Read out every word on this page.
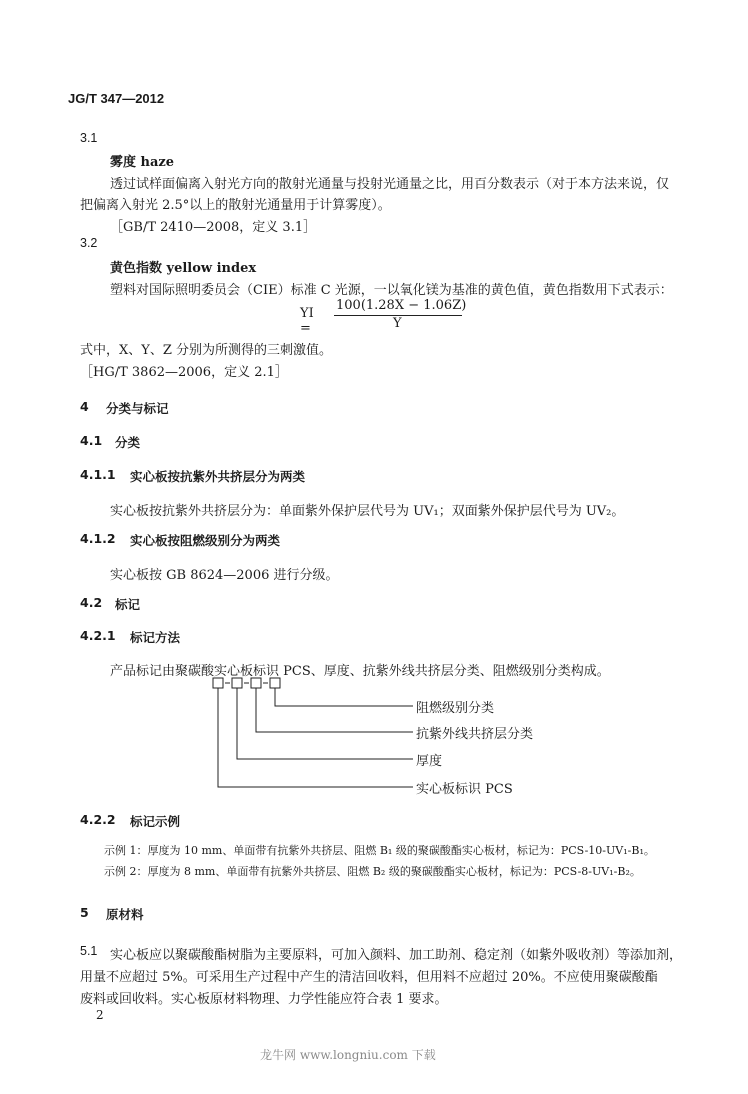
JG/T 347—2012
3.1
雾度 haze
透过试样面偏离入射光方向的散射光通量与投射光通量之比，用百分数表示（对于本方法来说，仅
把偏离入射光 2.5°以上的散射光通量用于计算雾度）。
［GB/T 2410—2008，定义 3.1］
3.2
黄色指数 yellow index
塑料对国际照明委员会（CIE）标准 C 光源，一以氧化镁为基准的黄色值，黄色指数用下式表示：
YI =
100(1.28X − 1.06Z)
Y
式中，X、Y、Z 分别为所测得的三刺激值。
［HG/T 3862—2006，定义 2.1］
4 分类与标记
4.1 分类
4.1.1 实心板按抗紫外共挤层分为两类
实心板按抗紫外共挤层分为：单面紫外保护层代号为 UV₁；双面紫外保护层代号为 UV₂。
4.1.2 实心板按阻燃级别分为两类
实心板按 GB 8624—2006 进行分级。
4.2 标记
4.2.1 标记方法
产品标记由聚碳酸实心板标识 PCS、厚度、抗紫外线共挤层分类、阻燃级别分类构成。
阻燃级别分类
抗紫外线共挤层分类
厚度
实心板标识 PCS
4.2.2 标记示例
示例 1：厚度为 10 mm、单面带有抗紫外共挤层、阻燃 B₁ 级的聚碳酸酯实心板材，标记为：PCS-10-UV₁-B₁。
示例 2：厚度为 8 mm、单面带有抗紫外共挤层、阻燃 B₂ 级的聚碳酸酯实心板材，标记为：PCS-8-UV₁-B₂。
5 原材料
5.1 实心板应以聚碳酸酯树脂为主要原料，可加入颜料、加工助剂、稳定剂（如紫外吸收剂）等添加剂，
用量不应超过 5%。可采用生产过程中产生的清洁回收料，但用料不应超过 20%。不应使用聚碳酸酯
废料或回收料。实心板原材料物理、力学性能应符合表 1 要求。
2
龙牛网 www.longniu.com 下载
